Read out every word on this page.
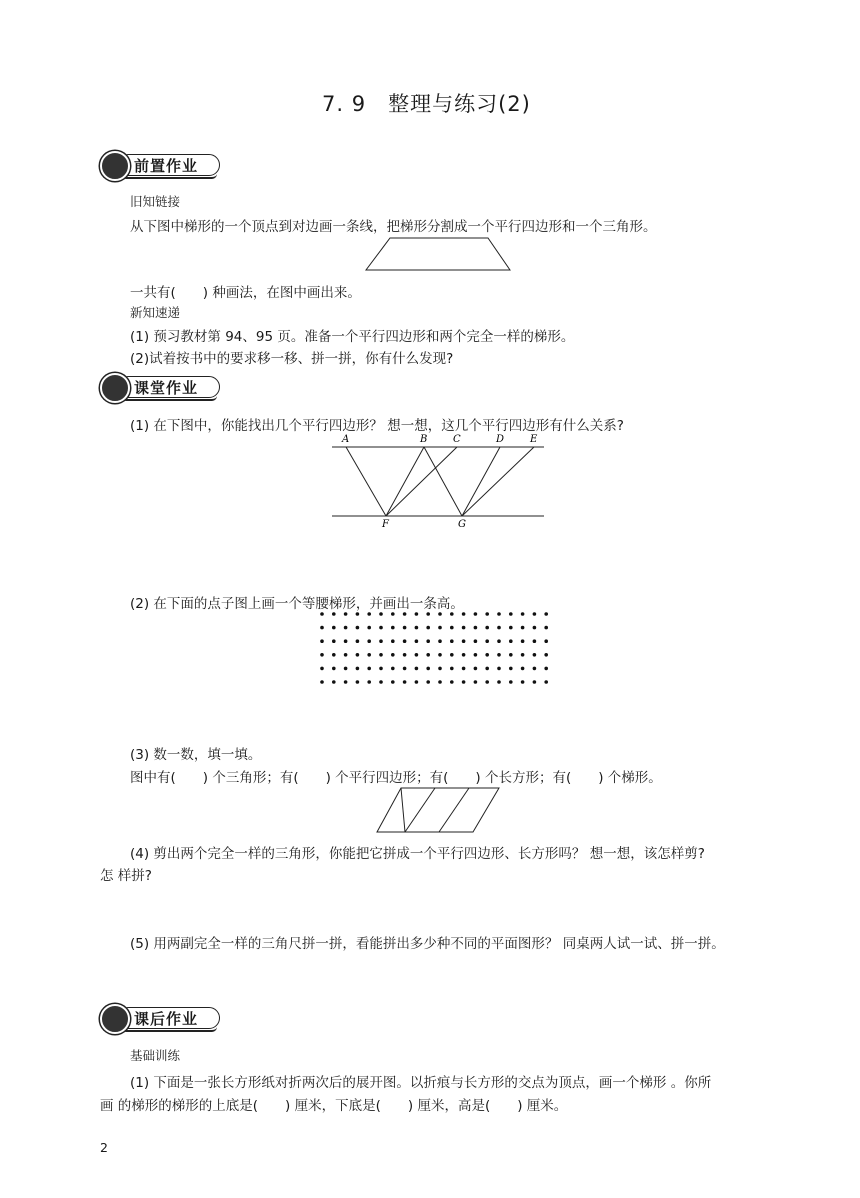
7. 9　整理与练习(2)
前置作业
旧知链接
从下图中梯形的一个顶点到对边画一条线，把梯形分割成一个平行四边形和一个三角形。
一共有(　　) 种画法，在图中画出来。
新知速递
(1) 预习教材第 94、95 页。准备一个平行四边形和两个完全一样的梯形。
(2)试着按书中的要求移一移、拼一拼，你有什么发现?
课堂作业
(1) 在下图中，你能找出几个平行四边形？ 想一想，这几个平行四边形有什么关系?
A	B	C	D	E
F	G
(2) 在下面的点子图上画一个等腰梯形，并画出一条高。
(3) 数一数，填一填。
图中有(　　) 个三角形；有(　　) 个平行四边形；有(　　) 个长方形；有(　　) 个梯形。
(4) 剪出两个完全一样的三角形，你能把它拼成一个平行四边形、长方形吗？ 想一想，该怎样剪?
怎 样拼?
(5) 用两副完全一样的三角尺拼一拼，看能拼出多少种不同的平面图形？ 同桌两人试一试、拼一拼。
课后作业
基础训练
(1) 下面是一张长方形纸对折两次后的展开图。以折痕与长方形的交点为顶点，画一个梯形 。你所
画 的梯形的梯形的上底是(　　) 厘米，下底是(　　) 厘米，高是(　　) 厘米。
2
